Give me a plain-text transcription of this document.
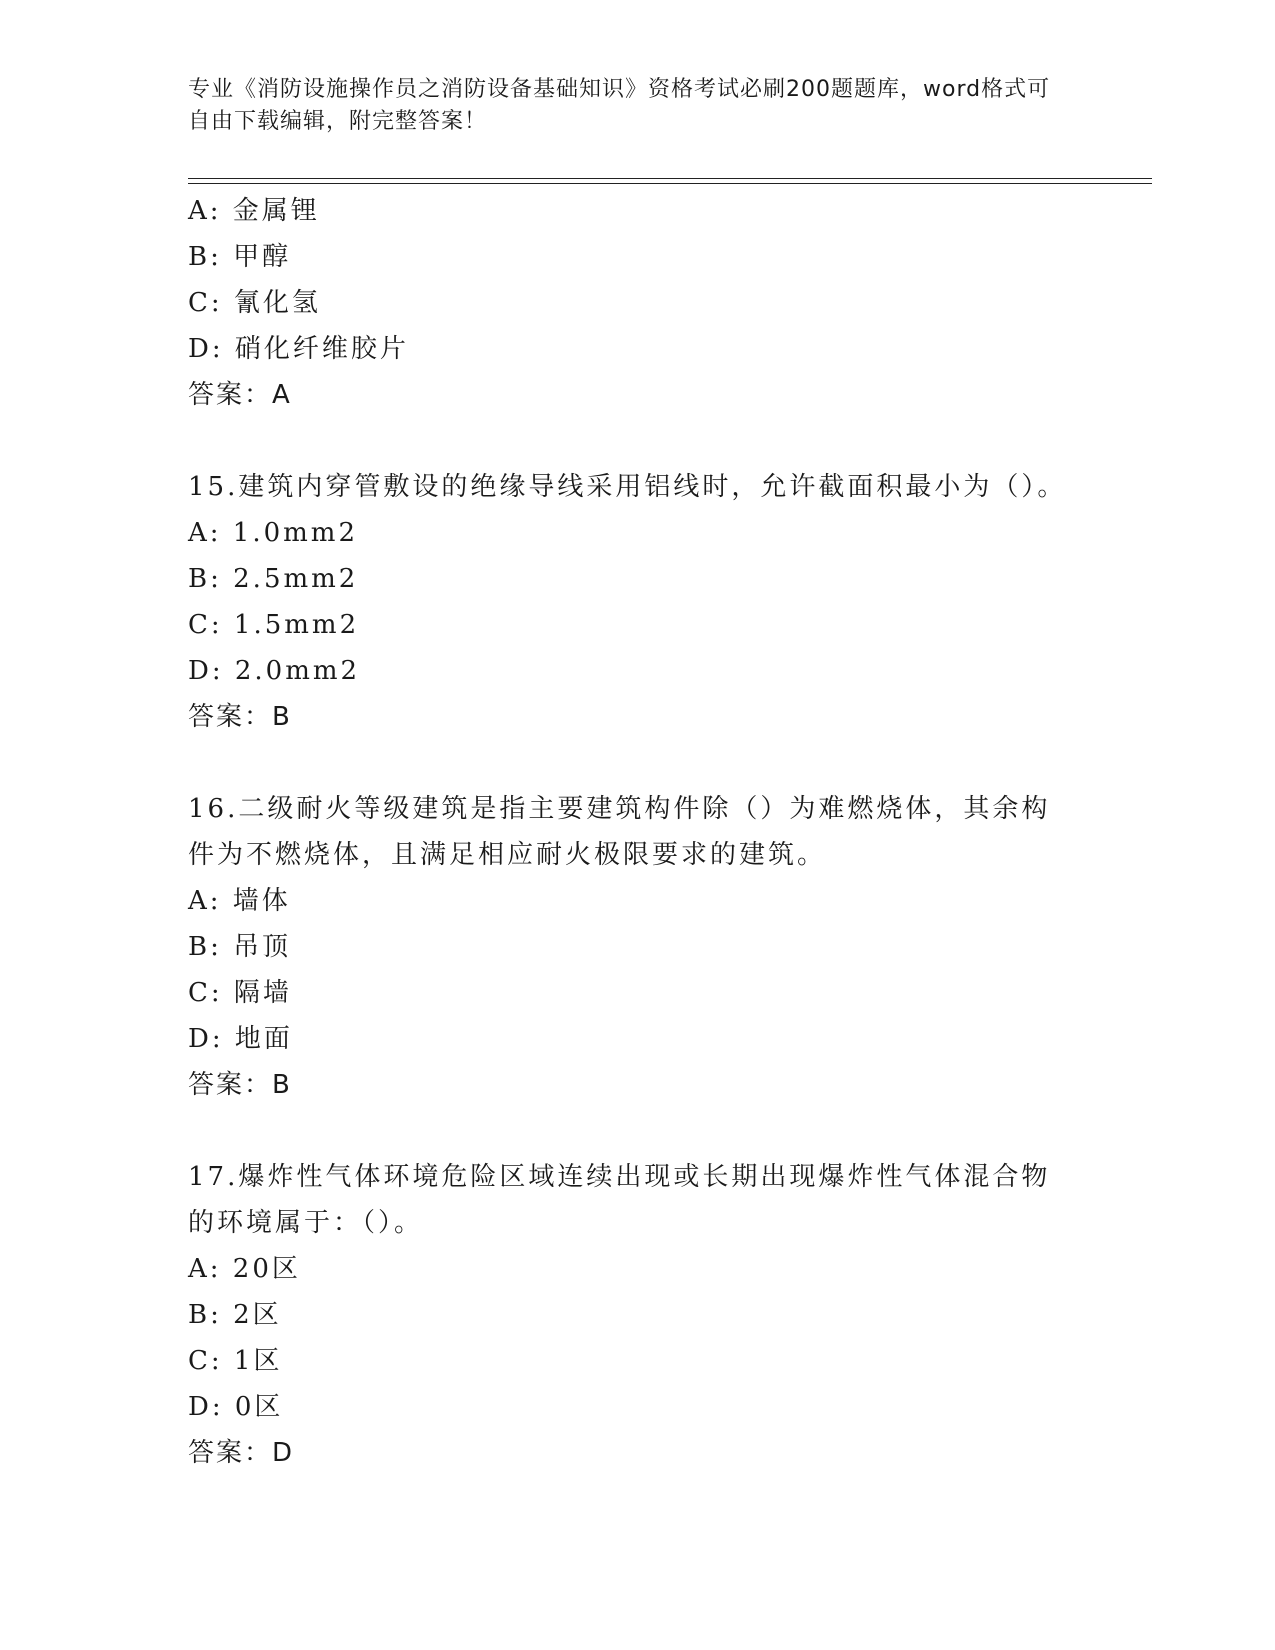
专业《消防设施操作员之消防设备基础知识》资格考试必刷200题题库，word格式可自由下载编辑，附完整答案！
A: 金属锂
B: 甲醇
C: 氰化氢
D: 硝化纤维胶片
答案：A
15.建筑内穿管敷设的绝缘导线采用铝线时，允许截面积最小为（）。
A: 1.0mm2
B: 2.5mm2
C: 1.5mm2
D: 2.0mm2
答案：B
16.二级耐火等级建筑是指主要建筑构件除（）为难燃烧体，其余构件为不燃烧体，且满足相应耐火极限要求的建筑。
A: 墙体
B: 吊顶
C: 隔墙
D: 地面
答案：B
17.爆炸性气体环境危险区域连续出现或长期出现爆炸性气体混合物的环境属于：（）。
A: 20区
B: 2区
C: 1区
D: 0区
答案：D
